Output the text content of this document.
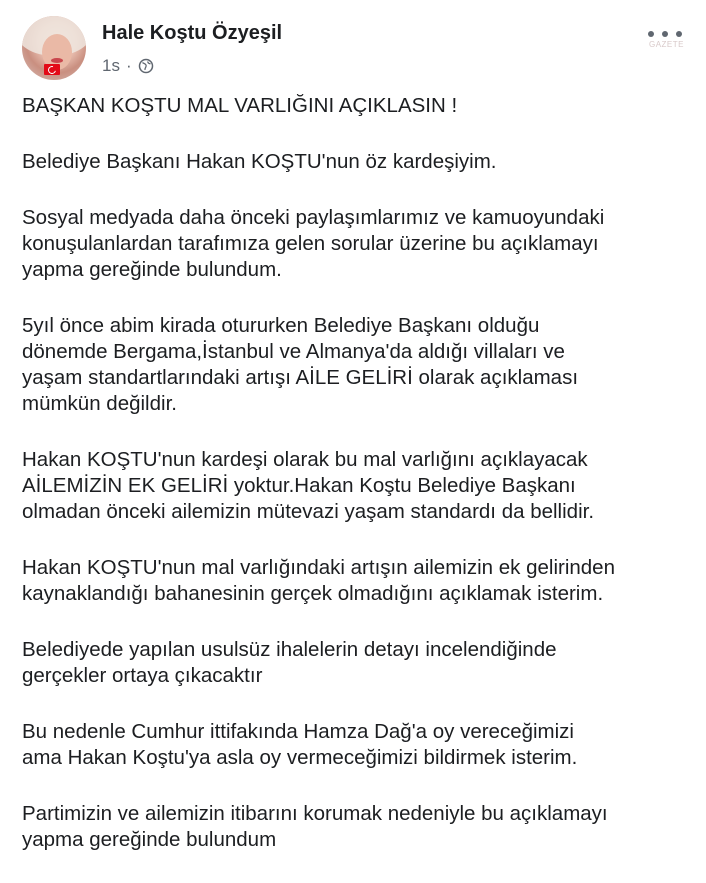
Hale Koştu Özyeşil
1s ·
GAZETE

BAŞKAN KOŞTU MAL VARLIĞINI AÇIKLASIN !

Belediye Başkanı Hakan KOŞTU'nun öz kardeşiyim.

Sosyal medyada daha önceki paylaşımlarımız ve kamuoyundaki
konuşulanlardan tarafımıza gelen sorular üzerine bu açıklamayı
yapma gereğinde bulundum.

5yıl önce abim kirada otururken Belediye Başkanı olduğu
dönemde Bergama,İstanbul ve Almanya'da aldığı villaları ve
yaşam standartlarındaki artışı AİLE GELİRİ olarak açıklaması
mümkün değildir.

Hakan KOŞTU'nun kardeşi olarak bu mal varlığını açıklayacak
AİLEMİZİN EK GELİRİ yoktur.Hakan Koştu Belediye Başkanı
olmadan önceki ailemizin mütevazi yaşam standardı da bellidir.

Hakan KOŞTU'nun mal varlığındaki artışın ailemizin ek gelirinden
kaynaklandığı bahanesinin gerçek olmadığını açıklamak isterim.

Belediyede yapılan usulsüz ihalelerin detayı incelendiğinde
gerçekler ortaya çıkacaktır

Bu nedenle Cumhur ittifakında Hamza Dağ'a oy vereceğimizi
ama Hakan Koştu'ya asla oy vermeceğimizi bildirmek isterim.

Partimizin ve ailemizin itibarını korumak nedeniyle bu açıklamayı
yapma gereğinde bulundum
